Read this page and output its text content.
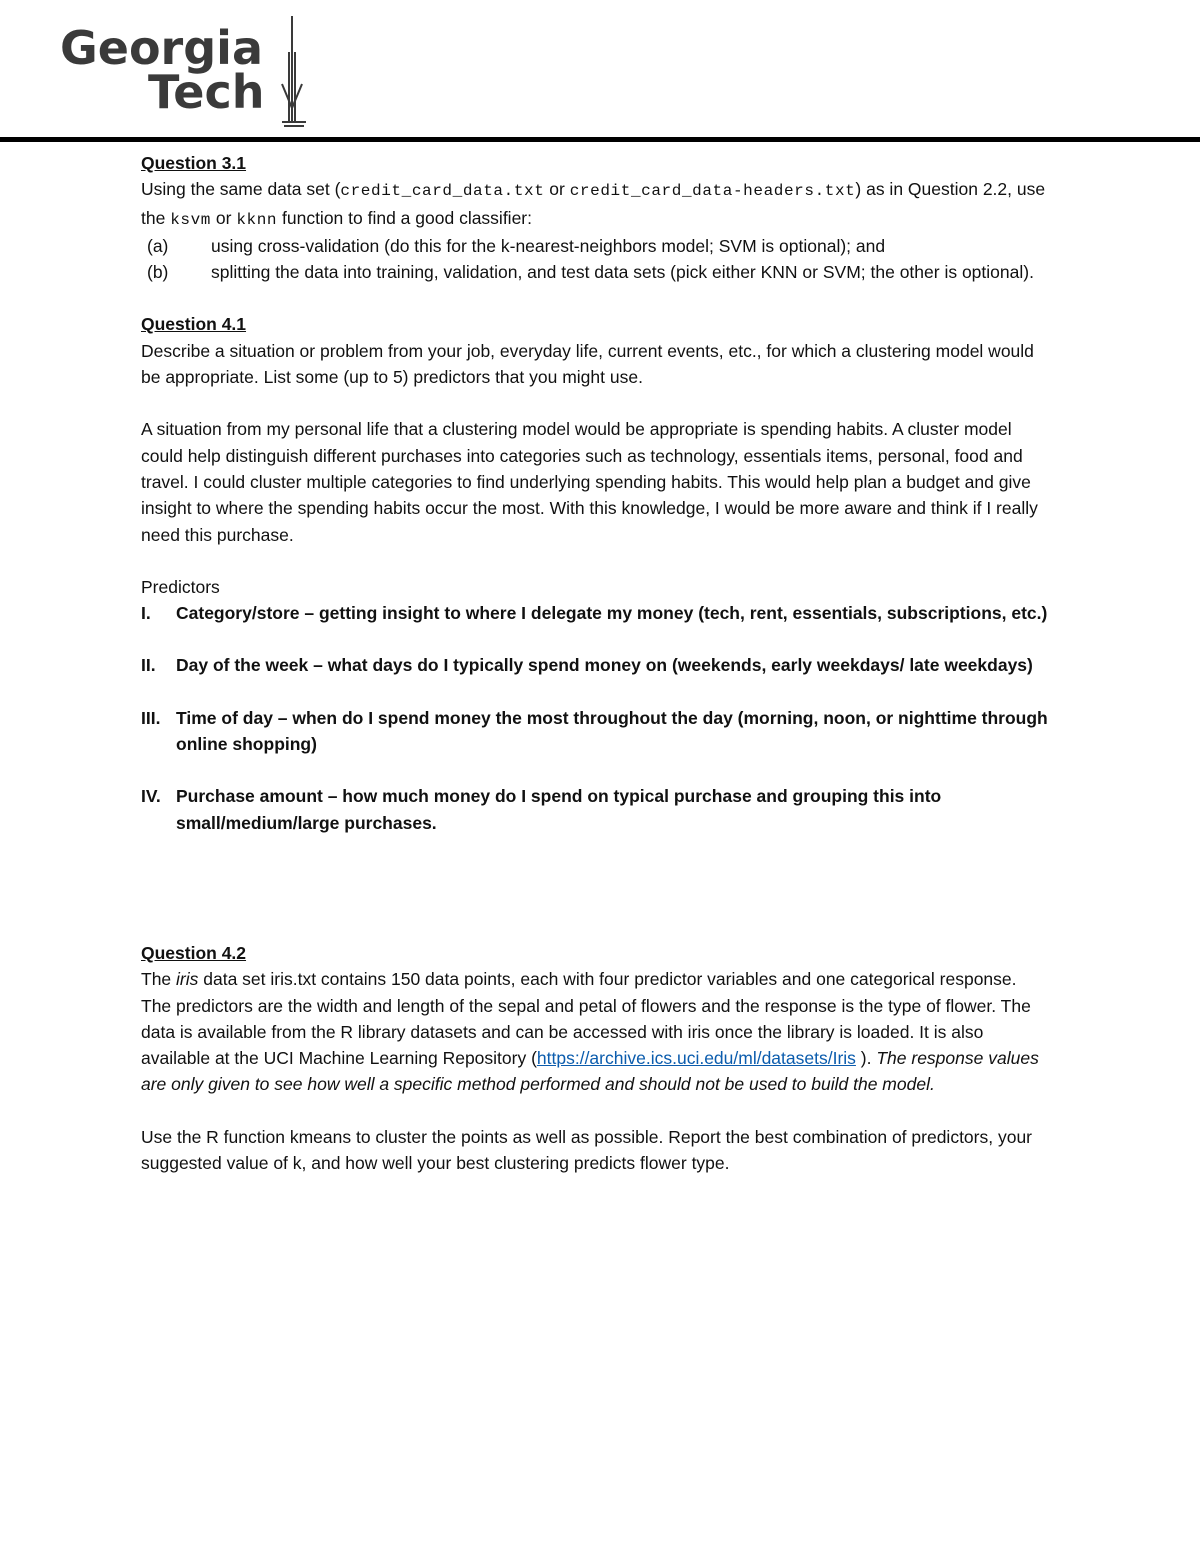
Georgia
Tech

Question 3.1

Using the same data set (credit_card_data.txt or credit_card_data-headers.txt) as in Question 2.2, use the ksvm or kknn function to find a good classifier:

(a) using cross-validation (do this for the k-nearest-neighbors model; SVM is optional); and
(b) splitting the data into training, validation, and test data sets (pick either KNN or SVM; the other is optional).

Question 4.1

Describe a situation or problem from your job, everyday life, current events, etc., for which a clustering model would be appropriate. List some (up to 5) predictors that you might use.

A situation from my personal life that a clustering model would be appropriate is spending habits. A cluster model could help distinguish different purchases into categories such as technology, essentials items, personal, food and travel. I could cluster multiple categories to find underlying spending habits. This would help plan a budget and give insight to where the spending habits occur the most. With this knowledge, I would be more aware and think if I really need this purchase.

Predictors

I. Category/store – getting insight to where I delegate my money (tech, rent, essentials, subscriptions, etc.)
II. Day of the week – what days do I typically spend money on (weekends, early weekdays/ late weekdays)
III. Time of day – when do I spend money the most throughout the day (morning, noon, or nighttime through online shopping)
IV. Purchase amount – how much money do I spend on typical purchase and grouping this into small/medium/large purchases.

Question 4.2

The iris data set iris.txt contains 150 data points, each with four predictor variables and one categorical response. The predictors are the width and length of the sepal and petal of flowers and the response is the type of flower. The data is available from the R library datasets and can be accessed with iris once the library is loaded. It is also available at the UCI Machine Learning Repository (https://archive.ics.uci.edu/ml/datasets/Iris ). The response values are only given to see how well a specific method performed and should not be used to build the model.

Use the R function kmeans to cluster the points as well as possible. Report the best combination of predictors, your suggested value of k, and how well your best clustering predicts flower type.
